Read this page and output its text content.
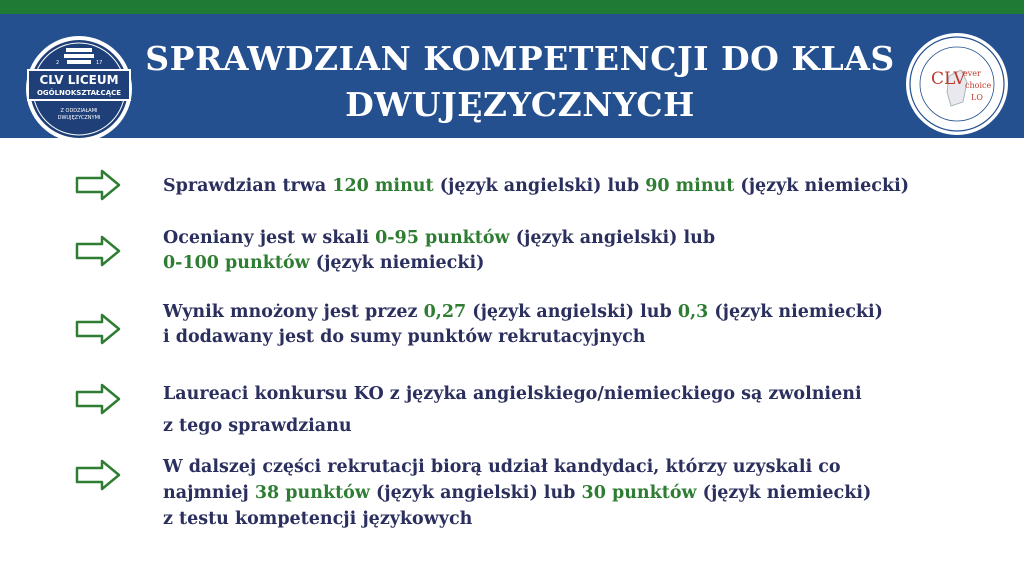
2	17
CLV LICEUM
OGÓLNOKSZTAŁCĄCE
Z ODDZIAŁAMI
DWUJĘZYCZNYMI
SPRAWDZIAN KOMPETENCJI DO KLAS
DWUJĘZYCZNYCH
CLV
ever
choice
LO
Sprawdzian trwa 120 minut (język angielski) lub 90 minut (język niemiecki)
Oceniany jest w skali 0-95 punktów (język angielski) lub
0-100 punktów (język niemiecki)
Wynik mnożony jest przez 0,27 (język angielski) lub 0,3 (język niemiecki)
i dodawany jest do sumy punktów rekrutacyjnych
Laureaci konkursu KO z języka angielskiego/niemieckiego są zwolnieni
z tego sprawdzianu
W dalszej części rekrutacji biorą udział kandydaci, którzy uzyskali co
najmniej 38 punktów (język angielski) lub 30 punktów (język niemiecki)
z testu kompetencji językowych
